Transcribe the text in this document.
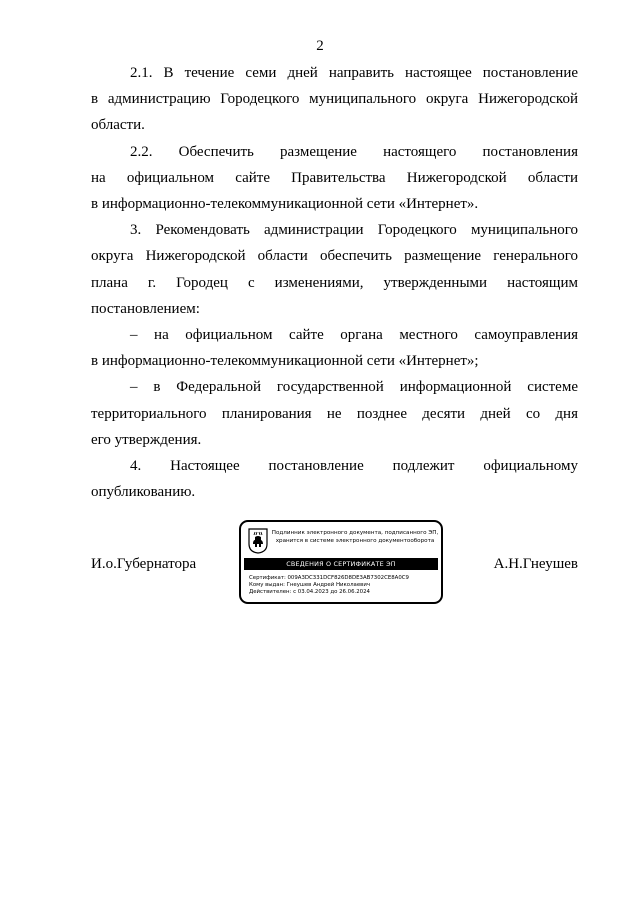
2
2.1. В течение семи дней направить настоящее постановление
в администрацию Городецкого муниципального округа Нижегородской
области.
2.2. Обеспечить размещение настоящего постановления
на официальном сайте Правительства Нижегородской области
в информационно-телекоммуникационной сети «Интернет».
3. Рекомендовать администрации Городецкого муниципального
округа Нижегородской области обеспечить размещение генерального
плана г. Городец с изменениями, утвержденными настоящим
постановлением:
– на официальном сайте органа местного самоуправления
в информационно-телекоммуникационной сети «Интернет»;
– в Федеральной государственной информационной системе
территориального планирования не позднее десяти дней со дня
его утверждения.
4. Настоящее постановление подлежит официальному
опубликованию.
И.о.Губернатора
Подлинник электронного документа, подписанного ЭП,
хранится в системе электронного документооборота
СВЕДЕНИЯ О СЕРТИФИКАТЕ ЭП
Сертификат: 009A3DC331DCF826D8DE3AB7302CE8A0C9
Кому выдан: Гнеушев Андрей Николаевич
Действителен: с 03.04.2023 до 26.06.2024
А.Н.Гнеушев
